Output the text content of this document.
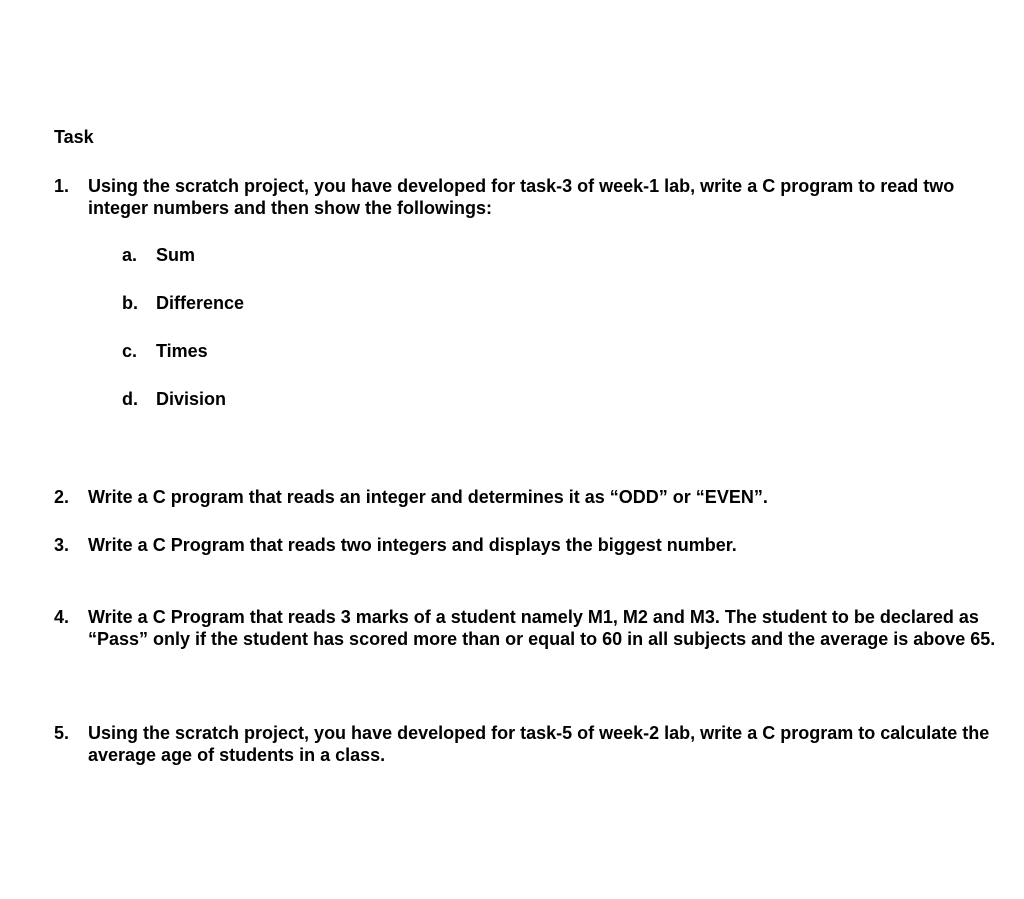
Task
1.	Using the scratch project, you have developed for task-3 of week-1 lab, write a C program to read two integer numbers and then show the followings:
a. Sum
b. Difference
c. Times
d. Division
2.	Write a C program that reads an integer and determines it as “ODD” or “EVEN”.
3.	Write a C Program that reads two integers and displays the biggest number.
4.	Write a C Program that reads 3 marks of a student namely M1, M2 and M3. The student to be declared as “Pass” only if the student has scored more than or equal to 60 in all subjects and the average is above 65.
5.	Using the scratch project, you have developed for task-5 of week-2 lab, write a C program to calculate the average age of students in a class.
